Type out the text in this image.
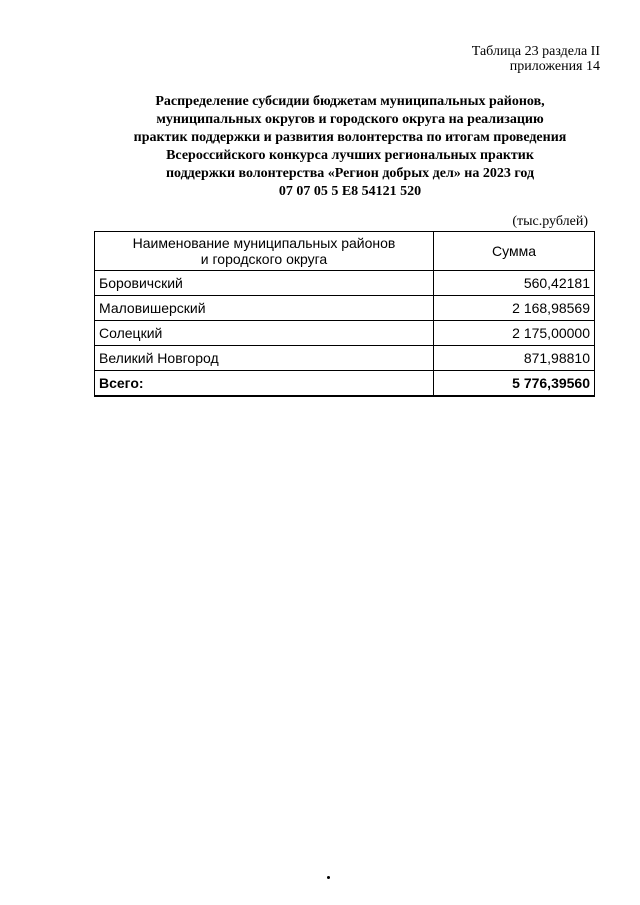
Таблица 23 раздела II
приложения 14
Распределение субсидии бюджетам муниципальных районов,
муниципальных округов и городского округа на реализацию
практик поддержки и развития волонтерства по итогам проведения
Всероссийского конкурса лучших региональных практик
поддержки волонтерства «Регион добрых дел» на 2023 год
07 07 05 5 Е8 54121 520
(тыс.рублей)
Наименование муниципальных районов
и городского округа	Сумма
Боровичский	560,42181
Маловишерский	2 168,98569
Солецкий	2 175,00000
Великий Новгород	871,98810
Всего:	5 776,39560
